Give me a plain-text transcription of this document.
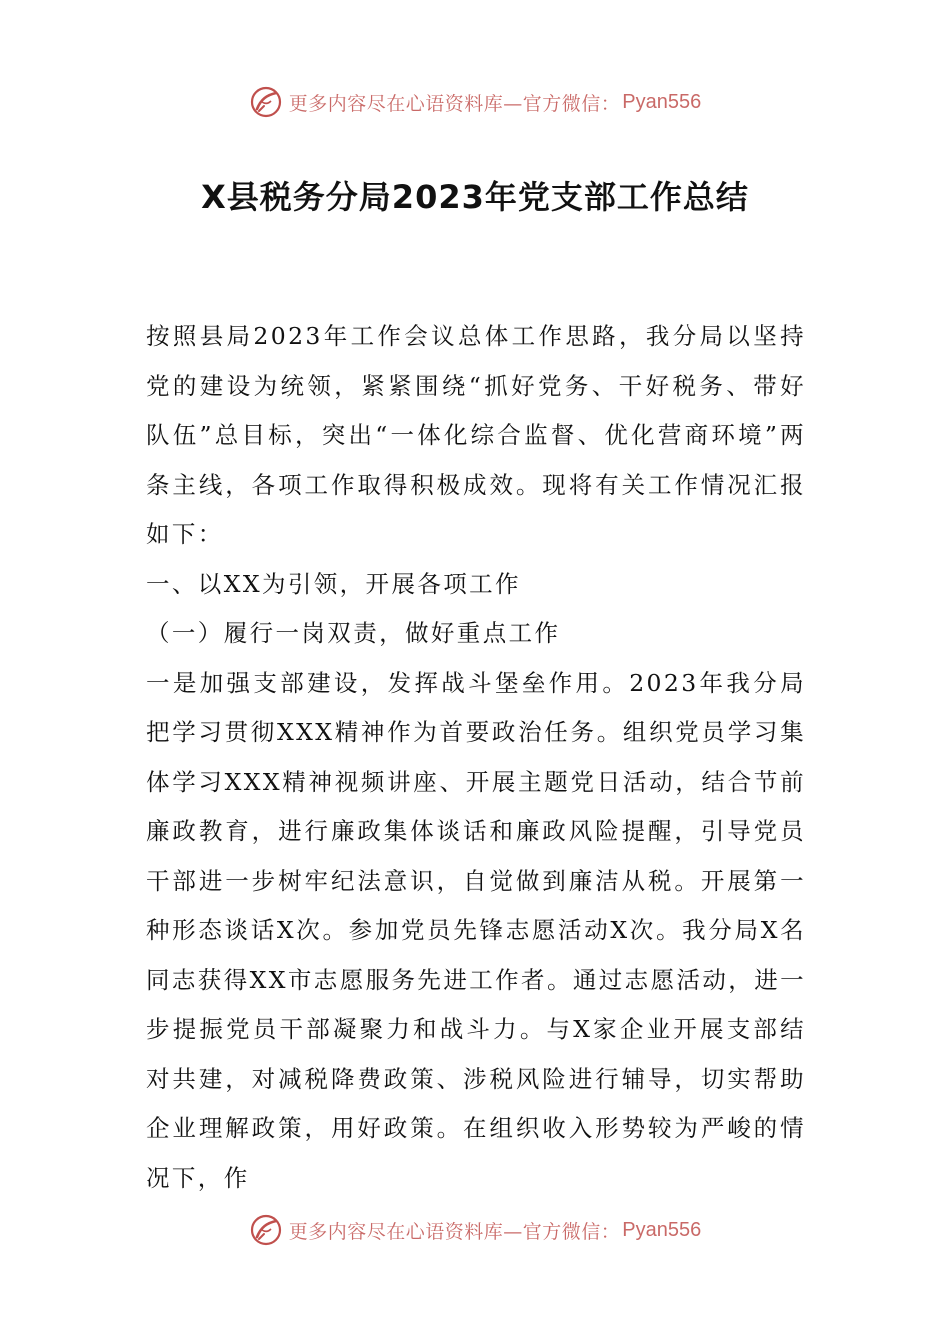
更多内容尽在心语资料库—官方微信： Pyan556
X县税务分局2023年党支部工作总结

按照县局2023年工作会议总体工作思路，我分局以坚持党的建设为统领，紧紧围绕“抓好党务、干好税务、带好队伍”总目标，突出“一体化综合监督、优化营商环境”两条主线，各项工作取得积极成效。现将有关工作情况汇报如下：

一、以XX为引领，开展各项工作

（一）履行一岗双责，做好重点工作

一是加强支部建设，发挥战斗堡垒作用。2023年我分局把学习贯彻XXX精神作为首要政治任务。组织党员学习集体学习XXX精神视频讲座、开展主题党日活动，结合节前廉政教育，进行廉政集体谈话和廉政风险提醒，引导党员干部进一步树牢纪法意识，自觉做到廉洁从税。开展第一种形态谈话X次。参加党员先锋志愿活动X次。我分局X名同志获得XX市志愿服务先进工作者。通过志愿活动，进一步提振党员干部凝聚力和战斗力。与X家企业开展支部结对共建，对减税降费政策、涉税风险进行辅导，切实帮助企业理解政策，用好政策。在组织收入形势较为严峻的情况下，作

更多内容尽在心语资料库—官方微信： Pyan556
